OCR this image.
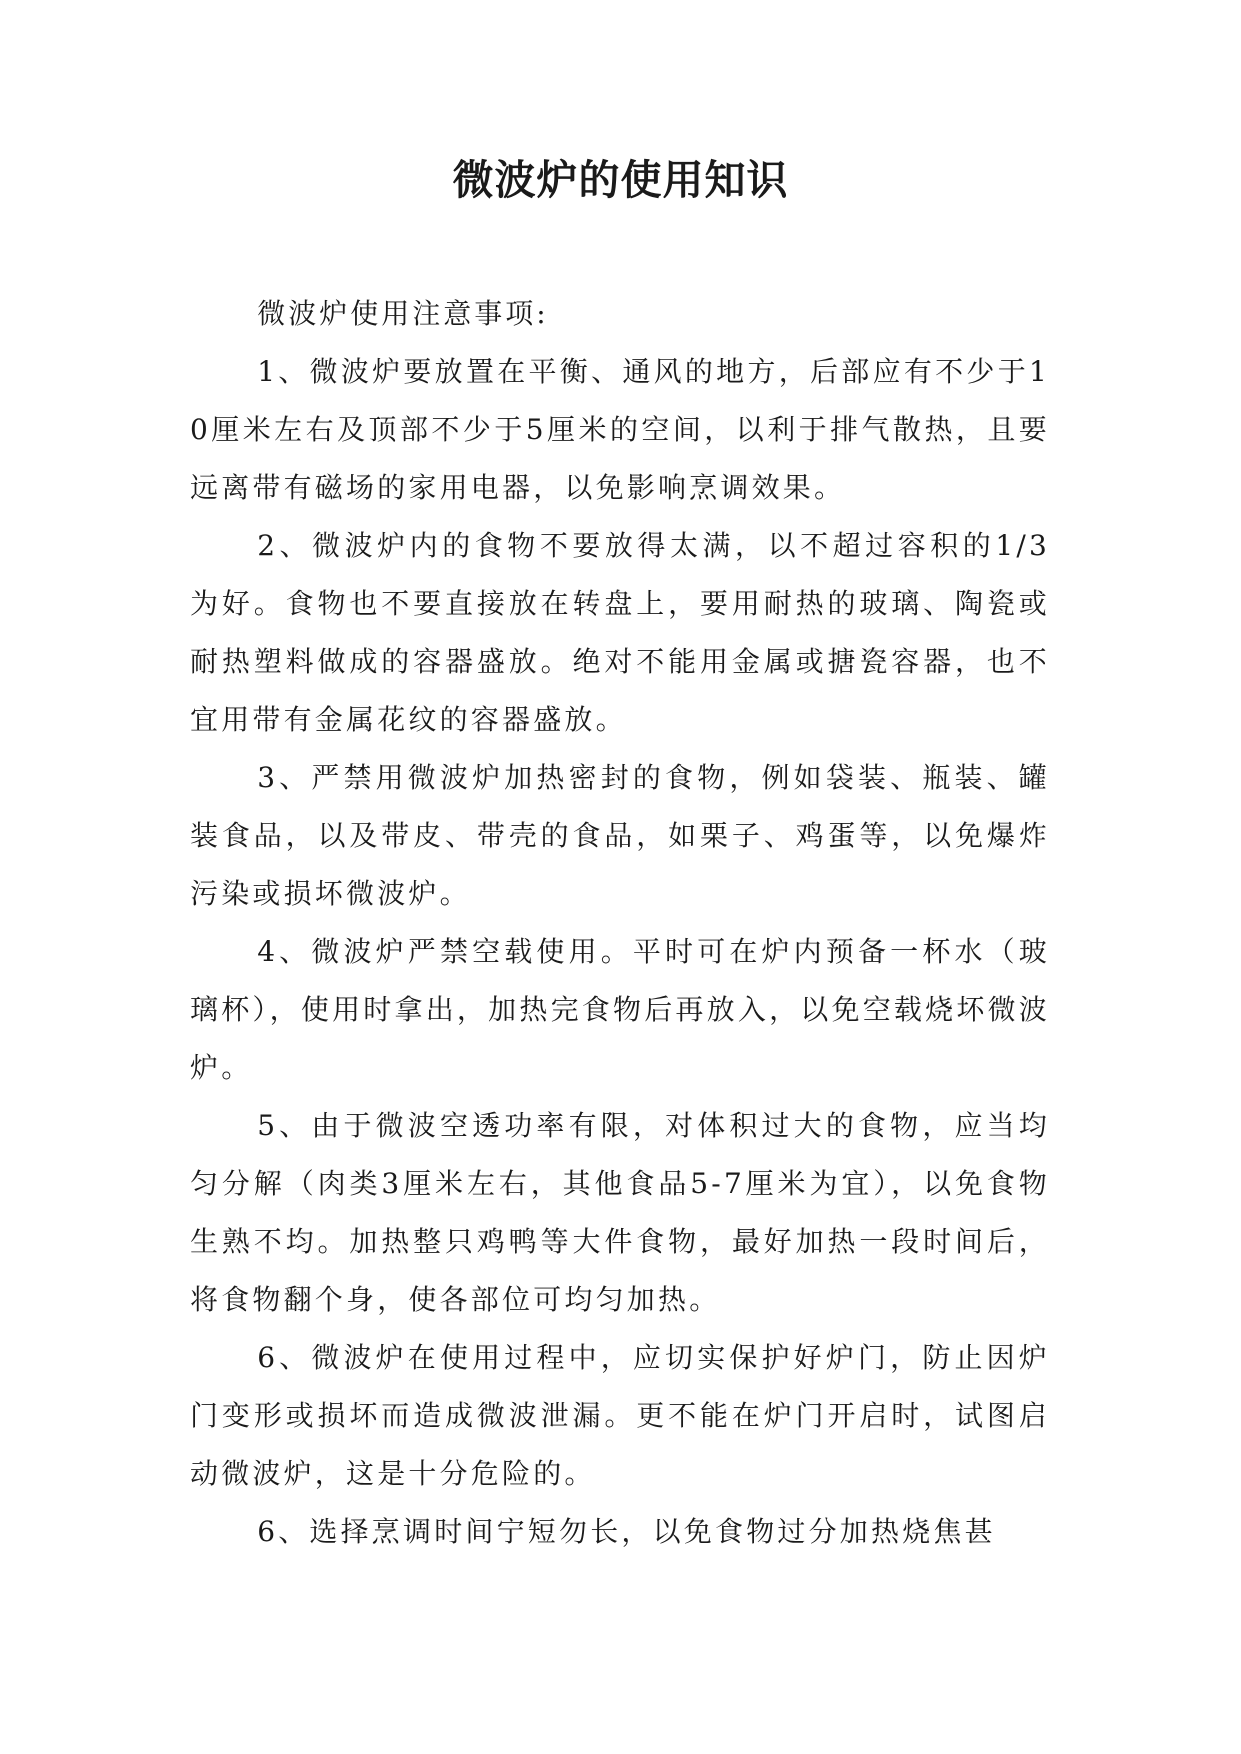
微波炉的使用知识

微波炉使用注意事项:

1、微波炉要放置在平衡、通风的地方，后部应有不少于10厘米左右及顶部不少于5厘米的空间，以利于排气散热，且要远离带有磁场的家用电器，以免影响烹调效果。

2、微波炉内的食物不要放得太满，以不超过容积的1/3为好。食物也不要直接放在转盘上，要用耐热的玻璃、陶瓷或耐热塑料做成的容器盛放。绝对不能用金属或搪瓷容器，也不宜用带有金属花纹的容器盛放。

3、严禁用微波炉加热密封的食物，例如袋装、瓶装、罐装食品，以及带皮、带壳的食品，如栗子、鸡蛋等，以免爆炸污染或损坏微波炉。

4、微波炉严禁空载使用。平时可在炉内预备一杯水（玻璃杯），使用时拿出，加热完食物后再放入，以免空载烧坏微波炉。

5、由于微波空透功率有限，对体积过大的食物，应当均匀分解（肉类3厘米左右，其他食品5-7厘米为宜），以免食物生熟不均。加热整只鸡鸭等大件食物，最好加热一段时间后，将食物翻个身，使各部位可均匀加热。

6、微波炉在使用过程中，应切实保护好炉门，防止因炉门变形或损坏而造成微波泄漏。更不能在炉门开启时，试图启动微波炉，这是十分危险的。

6、选择烹调时间宁短勿长，以免食物过分加热烧焦甚
